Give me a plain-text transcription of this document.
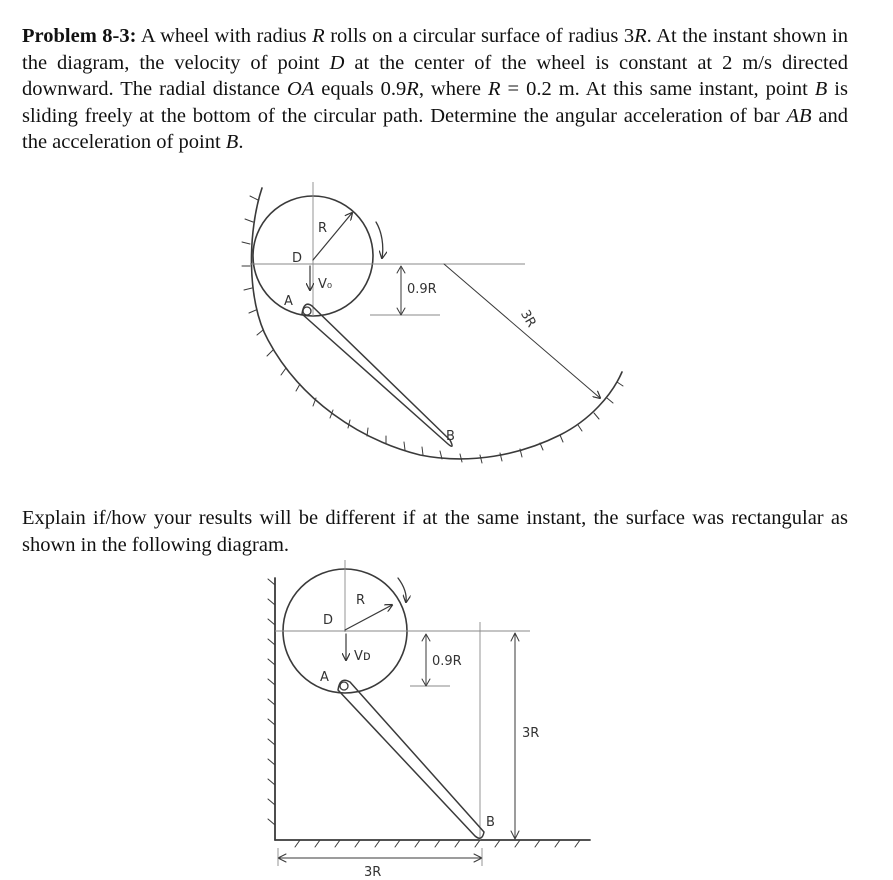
Problem 8-3: A wheel with radius R rolls on a circular surface of radius 3R. At the instant shown in the diagram, the velocity of point D at the center of the wheel is constant at 2 m/s directed downward. The radial distance OA equals 0.9R, where R = 0.2 m. At this same instant, point B is sliding freely at the bottom of the circular path. Determine the angular acceleration of bar AB and the acceleration of point B.

R
D
V₀
A
0.9R
3R
B

Explain if/how your results will be different if at the same instant, the surface was rectangular as shown in the following diagram.

R
D
Vᴅ
A
0.9R
3R
3R
B
